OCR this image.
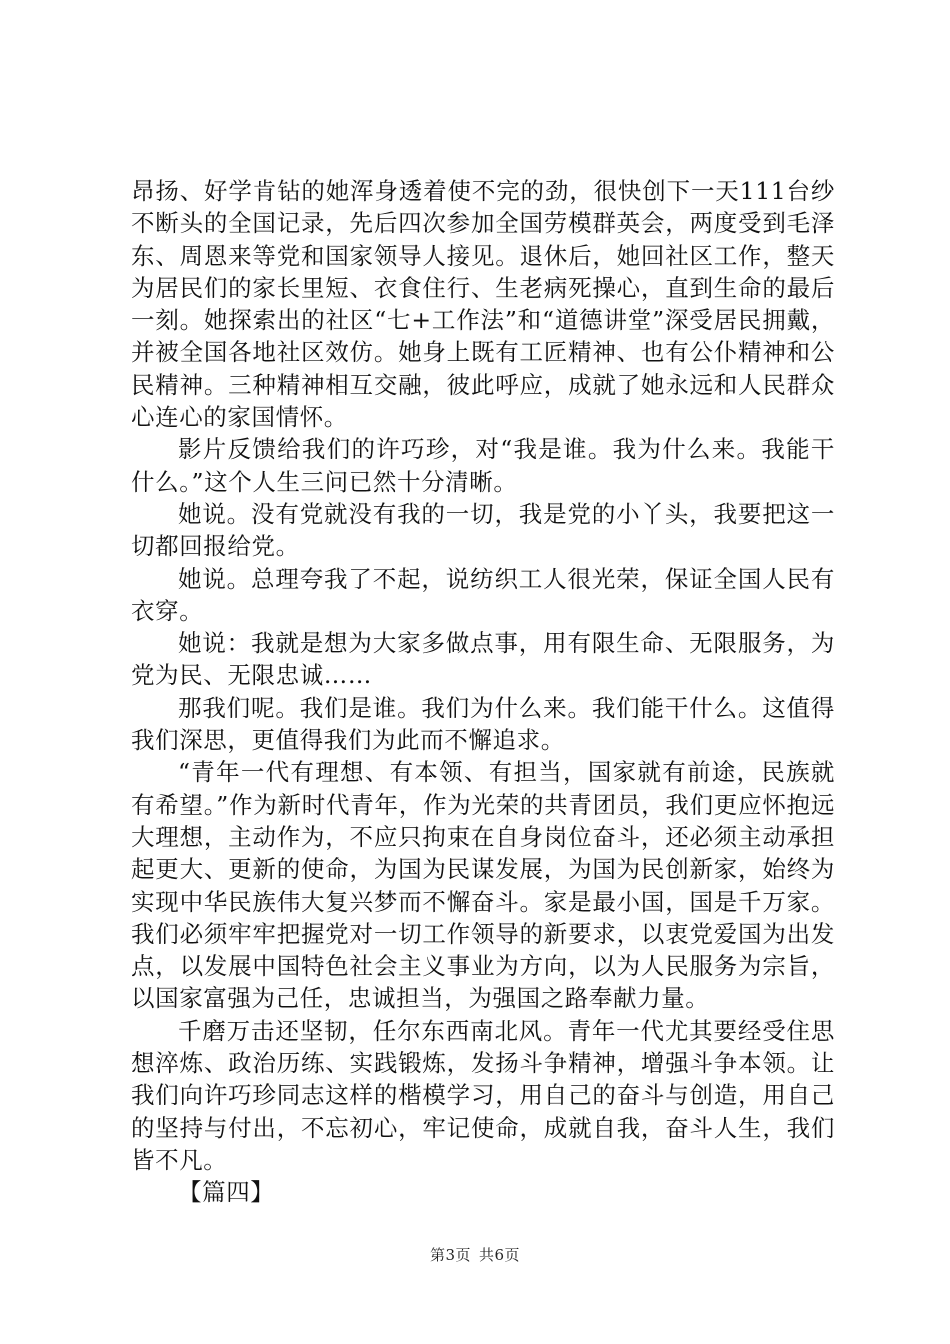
昂扬、好学肯钻的她浑身透着使不完的劲，很快创下一天111台纱不断头的全国记录，先后四次参加全国劳模群英会，两度受到毛泽东、周恩来等党和国家领导人接见。退休后，她回社区工作，整天为居民们的家长里短、衣食住行、生老病死操心，直到生命的最后一刻。她探索出的社区“七+工作法”和“道德讲堂”深受居民拥戴，并被全国各地社区效仿。她身上既有工匠精神、也有公仆精神和公民精神。三种精神相互交融，彼此呼应，成就了她永远和人民群众心连心的家国情怀。

影片反馈给我们的许巧珍，对“我是谁。我为什么来。我能干什么。”这个人生三问已然十分清晰。

她说。没有党就没有我的一切，我是党的小丫头，我要把这一切都回报给党。

她说。总理夸我了不起，说纺织工人很光荣，保证全国人民有衣穿。

她说：我就是想为大家多做点事，用有限生命、无限服务，为党为民、无限忠诚……

那我们呢。我们是谁。我们为什么来。我们能干什么。这值得我们深思，更值得我们为此而不懈追求。

“青年一代有理想、有本领、有担当，国家就有前途，民族就有希望。”作为新时代青年，作为光荣的共青团员，我们更应怀抱远大理想，主动作为，不应只拘束在自身岗位奋斗，还必须主动承担起更大、更新的使命，为国为民谋发展，为国为民创新家，始终为实现中华民族伟大复兴梦而不懈奋斗。家是最小国，国是千万家。我们必须牢牢把握党对一切工作领导的新要求，以衷党爱国为出发点，以发展中国特色社会主义事业为方向，以为人民服务为宗旨，以国家富强为己任，忠诚担当，为强国之路奉献力量。

千磨万击还坚韧，任尔东西南北风。青年一代尤其要经受住思想淬炼、政治历练、实践锻炼，发扬斗争精神，增强斗争本领。让我们向许巧珍同志这样的楷模学习，用自己的奋斗与创造，用自己的坚持与付出，不忘初心，牢记使命，成就自我，奋斗人生，我们皆不凡。

【篇四】

第3页 共6页
